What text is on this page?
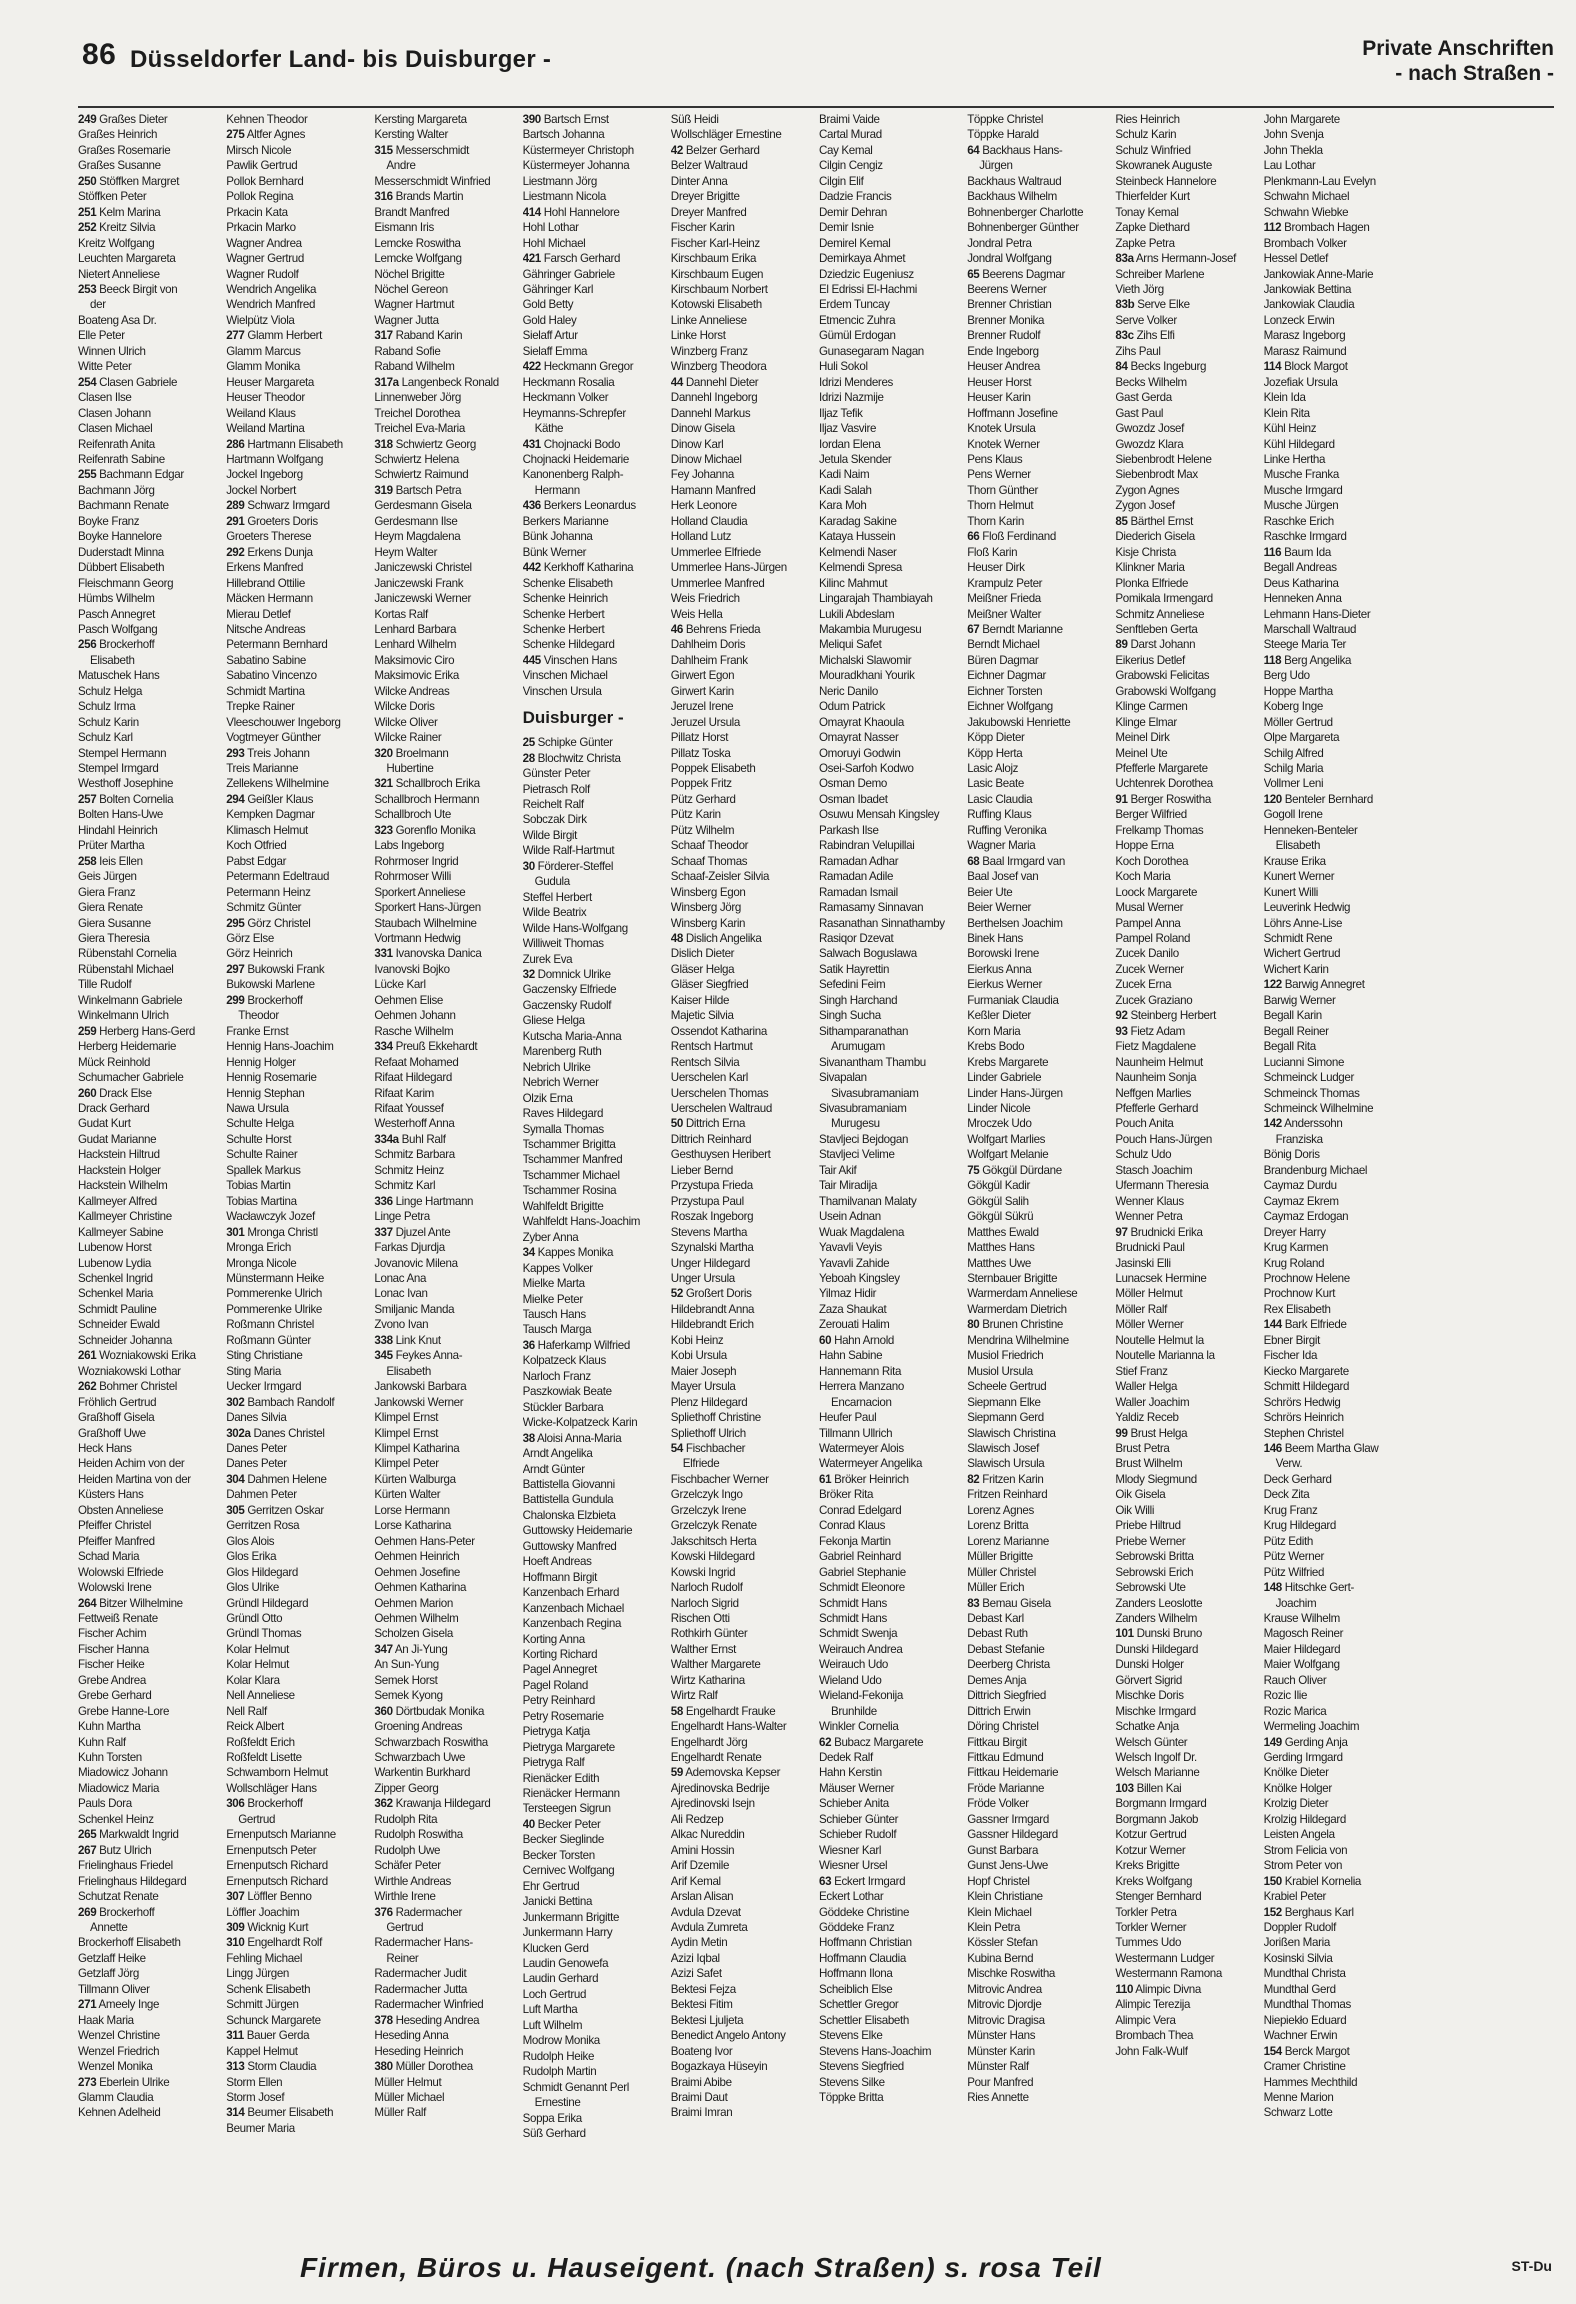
86 Düsseldorfer Land- bis Duisburger -	Private Anschriften
- nach Straßen -
249 Graßes Dieter
Graßes Heinrich
Graßes Rosemarie
Graßes Susanne
250 Stöffken Margret
Stöffken Peter
251 Kelm Marina
252 Kreitz Silvia
Kreitz Wolfgang
Leuchten Margareta
Nietert Anneliese
253 Beeck Birgit von
der
Boateng Asa Dr.
Elle Peter
Winnen Ulrich
Witte Peter
254 Clasen Gabriele
Clasen Ilse
Clasen Johann
Clasen Michael
Reifenrath Anita
Reifenrath Sabine
255 Bachmann Edgar
Bachmann Jörg
Bachmann Renate
Boyke Franz
Boyke Hannelore
Duderstadt Minna
Dübbert Elisabeth
Fleischmann Georg
Hümbs Wilhelm
Pasch Annegret
Pasch Wolfgang
256 Brockerhoff
Elisabeth
Matuschek Hans
Schulz Helga
Schulz Irma
Schulz Karin
Schulz Karl
Stempel Hermann
Stempel Irmgard
Westhoff Josephine
257 Bolten Cornelia
Bolten Hans-Uwe
Hindahl Heinrich
Prüter Martha
258 Ieis Ellen
Geis Jürgen
Giera Franz
Giera Renate
Giera Susanne
Giera Theresia
Rübenstahl Cornelia
Rübenstahl Michael
Tille Rudolf
Winkelmann Gabriele
Winkelmann Ulrich
259 Herberg Hans-Gerd
Herberg Heidemarie
Mück Reinhold
Schumacher Gabriele
260 Drack Else
Drack Gerhard
Gudat Kurt
Gudat Marianne
Hackstein Hiltrud
Hackstein Holger
Hackstein Wilhelm
Kallmeyer Alfred
Kallmeyer Christine
Kallmeyer Sabine
Lubenow Horst
Lubenow Lydia
Schenkel Ingrid
Schenkel Maria
Schmidt Pauline
Schneider Ewald
Schneider Johanna
261 Wozniakowski Erika
Wozniakowski Lothar
262 Bohmer Christel
Fröhlich Gertrud
Graßhoff Gisela
Graßhoff Uwe
Heck Hans
Heiden Achim von der
Heiden Martina von der
Küsters Hans
Obsten Anneliese
Pfeiffer Christel
Pfeiffer Manfred
Schad Maria
Wolowski Elfriede
Wolowski Irene
264 Bitzer Wilhelmine
Fettweiß Renate
Fischer Achim
Fischer Hanna
Fischer Heike
Grebe Andrea
Grebe Gerhard
Grebe Hanne-Lore
Kuhn Martha
Kuhn Ralf
Kuhn Torsten
Miadowicz Johann
Miadowicz Maria
Pauls Dora
Schenkel Heinz
265 Markwaldt Ingrid
267 Butz Ulrich
Frielinghaus Friedel
Frielinghaus Hildegard
Schutzat Renate
269 Brockerhoff
Annette
Brockerhoff Elisabeth
Getzlaff Heike
Getzlaff Jörg
Tillmann Oliver
271 Ameely Inge
Haak Maria
Wenzel Christine
Wenzel Friedrich
Wenzel Monika
273 Eberlein Ulrike
Glamm Claudia
Kehnen Adelheid
Kehnen Theodor
275 Altfer Agnes
Mirsch Nicole
Pawlik Gertrud
Pollok Bernhard
Pollok Regina
Prkacin Kata
Prkacin Marko
Wagner Andrea
Wagner Gertrud
Wagner Rudolf
Wendrich Angelika
Wendrich Manfred
Wielpütz Viola
277 Glamm Herbert
Glamm Marcus
Glamm Monika
Heuser Margareta
Heuser Theodor
Weiland Klaus
Weiland Martina
286 Hartmann Elisabeth
Hartmann Wolfgang
Jockel Ingeborg
Jockel Norbert
289 Schwarz Irmgard
291 Groeters Doris
Groeters Therese
292 Erkens Dunja
Erkens Manfred
Hillebrand Ottilie
Mäcken Hermann
Mierau Detlef
Nitsche Andreas
Petermann Bernhard
Sabatino Sabine
Sabatino Vincenzo
Schmidt Martina
Trepke Rainer
Vleeschouwer Ingeborg
Vogtmeyer Günther
293 Treis Johann
Treis Marianne
Zellekens Wilhelmine
294 Geißler Klaus
Kempken Dagmar
Klimasch Helmut
Koch Otfried
Pabst Edgar
Petermann Edeltraud
Petermann Heinz
Schmitz Günter
295 Görz Christel
Görz Else
Görz Heinrich
297 Bukowski Frank
Bukowski Marlene
299 Brockerhoff
Theodor
Franke Ernst
Hennig Hans-Joachim
Hennig Holger
Hennig Rosemarie
Hennig Stephan
Nawa Ursula
Schulte Helga
Schulte Horst
Schulte Rainer
Spallek Markus
Tobias Martin
Tobias Martina
Wacławczyk Jozef
301 Mronga Christl
Mronga Erich
Mronga Nicole
Münstermann Heike
Pommerenke Ulrich
Pommerenke Ulrike
Roßmann Christel
Roßmann Günter
Sting Christiane
Sting Maria
Uecker Irmgard
302 Bambach Randolf
Danes Silvia
302a Danes Christel
Danes Peter
Danes Peter
304 Dahmen Helene
Dahmen Peter
305 Gerritzen Oskar
Gerritzen Rosa
Glos Alois
Glos Erika
Glos Hildegard
Glos Ulrike
Gründl Hildegard
Gründl Otto
Gründl Thomas
Kolar Helmut
Kolar Helmut
Kolar Klara
Nell Anneliese
Nell Ralf
Reick Albert
Roßfeldt Erich
Roßfeldt Lisette
Schwamborn Helmut
Wollschläger Hans
306 Brockerhoff
Gertrud
Ernenputsch Marianne
Ernenputsch Peter
Ernenputsch Richard
Ernenputsch Richard
307 Löffler Benno
Löffler Joachim
309 Wicknig Kurt
310 Engelhardt Rolf
Fehling Michael
Lingg Jürgen
Schenk Elisabeth
Schmitt Jürgen
Schunck Margarete
311 Bauer Gerda
Kappel Helmut
313 Storm Claudia
Storm Ellen
Storm Josef
314 Beumer Elisabeth
Beumer Maria
Kersting Margareta
Kersting Walter
315 Messerschmidt
Andre
Messerschmidt Winfried
316 Brands Martin
Brandt Manfred
Eismann Iris
Lemcke Roswitha
Lemcke Wolfgang
Nöchel Brigitte
Nöchel Gereon
Wagner Hartmut
Wagner Jutta
317 Raband Karin
Raband Sofie
Raband Wilhelm
317a Langenbeck Ronald
Linnenweber Jörg
Treichel Dorothea
Treichel Eva-Maria
318 Schwiertz Georg
Schwiertz Helena
Schwiertz Raimund
319 Bartsch Petra
Gerdesmann Gisela
Gerdesmann Ilse
Heym Magdalena
Heym Walter
Janiczewski Christel
Janiczewski Frank
Janiczewski Werner
Kortas Ralf
Lenhard Barbara
Lenhard Wilhelm
Maksimovic Ciro
Maksimovic Erika
Wilcke Andreas
Wilcke Doris
Wilcke Oliver
Wilcke Rainer
320 Broelmann
Hubertine
321 Schallbroch Erika
Schallbroch Hermann
Schallbroch Ute
323 Gorenflo Monika
Labs Ingeborg
Rohrmoser Ingrid
Rohrmoser Willi
Sporkert Anneliese
Sporkert Hans-Jürgen
Staubach Wilhelmine
Vortmann Hedwig
331 Ivanovska Danica
Ivanovski Bojko
Lücke Karl
Oehmen Elise
Oehmen Johann
Rasche Wilhelm
334 Preuß Ekkehardt
Refaat Mohamed
Rifaat Hildegard
Rifaat Karim
Rifaat Youssef
Westerhoff Anna
334a Buhl Ralf
Schmitz Barbara
Schmitz Heinz
Schmitz Karl
336 Linge Hartmann
Linge Petra
337 Djuzel Ante
Farkas Djurdja
Jovanovic Milena
Lonac Ana
Lonac Ivan
Smiljanic Manda
Zvono Ivan
338 Link Knut
345 Feykes Anna-
Elisabeth
Jankowski Barbara
Jankowski Werner
Klimpel Ernst
Klimpel Ernst
Klimpel Katharina
Klimpel Peter
Kürten Walburga
Kürten Walter
Lorse Hermann
Lorse Katharina
Oehmen Hans-Peter
Oehmen Heinrich
Oehmen Josefine
Oehmen Katharina
Oehmen Marion
Oehmen Wilhelm
Scholzen Gisela
347 An Ji-Yung
An Sun-Yung
Semek Horst
Semek Kyong
360 Dörtbudak Monika
Groening Andreas
Schwarzbach Roswitha
Schwarzbach Uwe
Warkentin Burkhard
Zipper Georg
362 Krawanja Hildegard
Rudolph Rita
Rudolph Roswitha
Rudolph Uwe
Schäfer Peter
Wirthle Andreas
Wirthle Irene
376 Radermacher
Gertrud
Radermacher Hans-
Reiner
Radermacher Judit
Radermacher Jutta
Radermacher Winfried
378 Heseding Andrea
Heseding Anna
Heseding Heinrich
380 Müller Dorothea
Müller Helmut
Müller Michael
Müller Ralf
390 Bartsch Ernst
Bartsch Johanna
Küstermeyer Christoph
Küstermeyer Johanna
Liestmann Jörg
Liestmann Nicola
414 Hohl Hannelore
Hohl Lothar
Hohl Michael
421 Farsch Gerhard
Gähringer Gabriele
Gähringer Karl
Gold Betty
Gold Haley
Sielaff Artur
Sielaff Emma
422 Heckmann Gregor
Heckmann Rosalia
Heckmann Volker
Heymanns-Schrepfer
Käthe
431 Chojnacki Bodo
Chojnacki Heidemarie
Kanonenberg Ralph-
Hermann
436 Berkers Leonardus
Berkers Marianne
Bünk Johanna
Bünk Werner
442 Kerkhoff Katharina
Schenke Elisabeth
Schenke Heinrich
Schenke Herbert
Schenke Herbert
Schenke Hildegard
445 Vinschen Hans
Vinschen Michael
Vinschen Ursula
Duisburger -
25 Schipke Günter
28 Blochwitz Christa
Günster Peter
Pietrasch Rolf
Reichelt Ralf
Sobczak Dirk
Wilde Birgit
Wilde Ralf-Hartmut
30 Förderer-Steffel
Gudula
Steffel Herbert
Wilde Beatrix
Wilde Hans-Wolfgang
Williweit Thomas
Zurek Eva
32 Domnick Ulrike
Gaczensky Elfriede
Gaczensky Rudolf
Gliese Helga
Kutscha Maria-Anna
Marenberg Ruth
Nebrich Ulrike
Nebrich Werner
Olzik Erna
Raves Hildegard
Symalla Thomas
Tschammer Brigitta
Tschammer Manfred
Tschammer Michael
Tschammer Rosina
Wahlfeldt Brigitte
Wahlfeldt Hans-Joachim
Zyber Anna
34 Kappes Monika
Kappes Volker
Mielke Marta
Mielke Peter
Tausch Hans
Tausch Marga
36 Haferkamp Wilfried
Kolpatzeck Klaus
Narloch Franz
Paszkowiak Beate
Stückler Barbara
Wicke-Kolpatzeck Karin
38 Aloisi Anna-Maria
Arndt Angelika
Arndt Günter
Battistella Giovanni
Battistella Gundula
Chalonska Elzbieta
Guttowsky Heidemarie
Guttowsky Manfred
Hoeft Andreas
Hoffmann Birgit
Kanzenbach Erhard
Kanzenbach Michael
Kanzenbach Regina
Korting Anna
Korting Richard
Pagel Annegret
Pagel Roland
Petry Reinhard
Petry Rosemarie
Pietryga Katja
Pietryga Margarete
Pietryga Ralf
Rienäcker Edith
Rienäcker Hermann
Tersteegen Sigrun
40 Becker Peter
Becker Sieglinde
Becker Torsten
Cernivec Wolfgang
Ehr Gertrud
Janicki Bettina
Junkermann Brigitte
Junkermann Harry
Klucken Gerd
Laudin Genowefa
Laudin Gerhard
Loch Gertrud
Luft Martha
Luft Wilhelm
Modrow Monika
Rudolph Heike
Rudolph Martin
Schmidt Genannt Perl
Ernestine
Soppa Erika
Süß Gerhard
Süß Heidi
Wollschläger Ernestine
42 Belzer Gerhard
Belzer Waltraud
Dinter Anna
Dreyer Brigitte
Dreyer Manfred
Fischer Karin
Fischer Karl-Heinz
Kirschbaum Erika
Kirschbaum Eugen
Kirschbaum Norbert
Kotowski Elisabeth
Linke Anneliese
Linke Horst
Winzberg Franz
Winzberg Theodora
44 Dannehl Dieter
Dannehl Ingeborg
Dannehl Markus
Dinow Gisela
Dinow Karl
Dinow Michael
Fey Johanna
Hamann Manfred
Herk Leonore
Holland Claudia
Holland Lutz
Ummerlee Elfriede
Ummerlee Hans-Jürgen
Ummerlee Manfred
Weis Friedrich
Weis Hella
46 Behrens Frieda
Dahlheim Doris
Dahlheim Frank
Girwert Egon
Girwert Karin
Jeruzel Irene
Jeruzel Ursula
Pillatz Horst
Pillatz Toska
Poppek Elisabeth
Poppek Fritz
Pütz Gerhard
Pütz Karin
Pütz Wilhelm
Schaaf Theodor
Schaaf Thomas
Schaaf-Zeisler Silvia
Winsberg Egon
Winsberg Jörg
Winsberg Karin
48 Dislich Angelika
Dislich Dieter
Gläser Helga
Gläser Siegfried
Kaiser Hilde
Majetic Silvia
Ossendot Katharina
Rentsch Hartmut
Rentsch Silvia
Uerschelen Karl
Uerschelen Thomas
Uerschelen Waltraud
50 Dittrich Erna
Dittrich Reinhard
Gesthuysen Heribert
Lieber Bernd
Przystupa Frieda
Przystupa Paul
Roszak Ingeborg
Stevens Martha
Szynalski Martha
Unger Hildegard
Unger Ursula
52 Großert Doris
Hildebrandt Anna
Hildebrandt Erich
Kobi Heinz
Kobi Ursula
Maier Joseph
Mayer Ursula
Plenz Hildegard
Spliethoff Christine
Spliethoff Ulrich
54 Fischbacher
Elfriede
Fischbacher Werner
Grzelczyk Ingo
Grzelczyk Irene
Grzelczyk Renate
Jakschitsch Herta
Kowski Hildegard
Kowski Ingrid
Narloch Rudolf
Narloch Sigrid
Rischen Otti
Rothkirh Günter
Walther Ernst
Walther Margarete
Wirtz Katharina
Wirtz Ralf
58 Engelhardt Frauke
Engelhardt Hans-Walter
Engelhardt Jörg
Engelhardt Renate
59 Ademovska Kepser
Ajredinovska Bedrije
Ajredinovski Isejn
Ali Redzep
Alkac Nureddin
Amini Hossin
Arif Dzemile
Arif Kemal
Arslan Alisan
Avdula Dzevat
Avdula Zumreta
Aydin Metin
Azizi Iqbal
Azizi Safet
Bektesi Fejza
Bektesi Fitim
Bektesi Ljuljeta
Benedict Angelo Antony
Boateng Ivor
Bogazkaya Hüseyin
Braimi Abibe
Braimi Daut
Braimi Imran
Braimi Vaide
Cartal Murad
Cay Kemal
Cilgin Cengiz
Cilgin Elif
Dadzie Francis
Demir Dehran
Demir Isnie
Demirel Kemal
Demirkaya Ahmet
Dziedzic Eugeniusz
El Edrissi El-Hachmi
Erdem Tuncay
Etmencic Zuhra
Gümül Erdogan
Gunasegaram Nagan
Huli Sokol
Idrizi Menderes
Idrizi Nazmije
Iljaz Tefik
Iljaz Vasvire
Iordan Elena
Jetula Skender
Kadi Naim
Kadi Salah
Kara Moh
Karadag Sakine
Kataya Hussein
Kelmendi Naser
Kelmendi Spresa
Kilinc Mahmut
Lingarajah Thambiayah
Lukili Abdeslam
Makambia Murugesu
Meliqui Safet
Michalski Slawomir
Mouradkhani Yourik
Neric Danilo
Odum Patrick
Omayrat Khaoula
Omayrat Nasser
Omoruyi Godwin
Osei-Sarfoh Kodwo
Osman Demo
Osman Ibadet
Osuwu Mensah Kingsley
Parkash Ilse
Rabindran Velupillai
Ramadan Adhar
Ramadan Adile
Ramadan Ismail
Ramasamy Sinnavan
Rasanathan Sinnathamby
Rasiqor Dzevat
Salwach Boguslawa
Satik Hayrettin
Sefedini Feim
Singh Harchand
Singh Sucha
Sithamparanathan
Arumugam
Sivanantham Thambu
Sivapalan
Sivasubramaniam
Sivasubramaniam
Murugesu
Stavljeci Bejdogan
Stavljeci Velime
Tair Akif
Tair Miradija
Thamilvanan Malaty
Usein Adnan
Wuak Magdalena
Yavavli Veyis
Yavavli Zahide
Yeboah Kingsley
Yilmaz Hidir
Zaza Shaukat
Zerouati Halim
60 Hahn Arnold
Hahn Sabine
Hannemann Rita
Herrera Manzano
Encarnacion
Heufer Paul
Tillmann Ullrich
Watermeyer Alois
Watermeyer Angelika
61 Bröker Heinrich
Bröker Rita
Conrad Edelgard
Conrad Klaus
Fekonja Martin
Gabriel Reinhard
Gabriel Stephanie
Schmidt Eleonore
Schmidt Hans
Schmidt Hans
Schmidt Swenja
Weirauch Andrea
Weirauch Udo
Wieland Udo
Wieland-Fekonija
Brunhilde
Winkler Cornelia
62 Bubacz Margarete
Dedek Ralf
Hahn Kerstin
Mäuser Werner
Schieber Anita
Schieber Günter
Schieber Rudolf
Wiesner Karl
Wiesner Ursel
63 Eckert Irmgard
Eckert Lothar
Göddeke Christine
Göddeke Franz
Hoffmann Christian
Hoffmann Claudia
Hoffmann Ilona
Scheiblich Else
Schettler Gregor
Schettler Elisabeth
Stevens Elke
Stevens Hans-Joachim
Stevens Siegfried
Stevens Silke
Töppke Britta
Töppke Christel
Töppke Harald
64 Backhaus Hans-
Jürgen
Backhaus Waltraud
Backhaus Wilhelm
Bohnenberger Charlotte
Bohnenberger Günther
Jondral Petra
Jondral Wolfgang
65 Beerens Dagmar
Beerens Werner
Brenner Christian
Brenner Monika
Brenner Rudolf
Ende Ingeborg
Heuser Andrea
Heuser Horst
Heuser Karin
Hoffmann Josefine
Knotek Ursula
Knotek Werner
Pens Klaus
Pens Werner
Thorn Günther
Thorn Helmut
Thorn Karin
66 Floß Ferdinand
Floß Karin
Heuser Dirk
Krampulz Peter
Meißner Frieda
Meißner Walter
67 Berndt Marianne
Berndt Michael
Büren Dagmar
Eichner Dagmar
Eichner Torsten
Eichner Wolfgang
Jakubowski Henriette
Köpp Dieter
Köpp Herta
Lasic Alojz
Lasic Beate
Lasic Claudia
Ruffing Klaus
Ruffing Veronika
Wagner Maria
68 Baal Irmgard van
Baal Josef van
Beier Ute
Beier Werner
Berthelsen Joachim
Binek Hans
Borowski Irene
Eierkus Anna
Eierkus Werner
Furmaniak Claudia
Keßler Dieter
Korn Maria
Krebs Bodo
Krebs Margarete
Linder Gabriele
Linder Hans-Jürgen
Linder Nicole
Mroczek Udo
Wolfgart Marlies
Wolfgart Melanie
75 Gökgül Dürdane
Gökgül Kadir
Gökgül Salih
Gökgül Sükrü
Matthes Ewald
Matthes Hans
Matthes Uwe
Sternbauer Brigitte
Warmerdam Anneliese
Warmerdam Dietrich
80 Brunen Christine
Mendrina Wilhelmine
Musiol Friedrich
Musiol Ursula
Scheele Gertrud
Siepmann Elke
Siepmann Gerd
Slawisch Christina
Slawisch Josef
Slawisch Ursula
82 Fritzen Karin
Fritzen Reinhard
Lorenz Agnes
Lorenz Britta
Lorenz Marianne
Müller Brigitte
Müller Christel
Müller Erich
83 Bemau Gisela
Debast Karl
Debast Ruth
Debast Stefanie
Deerberg Christa
Demes Anja
Dittrich Siegfried
Dittrich Erwin
Döring Christel
Fittkau Birgit
Fittkau Edmund
Fittkau Heidemarie
Fröde Marianne
Fröde Volker
Gassner Irmgard
Gassner Hildegard
Gunst Barbara
Gunst Jens-Uwe
Hopf Christel
Klein Christiane
Klein Michael
Klein Petra
Kössler Stefan
Kubina Bernd
Mischke Roswitha
Mitrovic Andrea
Mitrovic Djordje
Mitrovic Dragisa
Münster Hans
Münster Karin
Münster Ralf
Pour Manfred
Ries Annette
Ries Heinrich
Schulz Karin
Schulz Winfried
Skowranek Auguste
Steinbeck Hannelore
Thierfelder Kurt
Tonay Kemal
Zapke Diethard
Zapke Petra
83a Arns Hermann-Josef
Schreiber Marlene
Vieth Jörg
83b Serve Elke
Serve Volker
83c Zihs Elfi
Zihs Paul
84 Becks Ingeburg
Becks Wilhelm
Gast Gerda
Gast Paul
Gwozdz Josef
Gwozdz Klara
Siebenbrodt Helene
Siebenbrodt Max
Zygon Agnes
Zygon Josef
85 Bärthel Ernst
Diederich Gisela
Kisje Christa
Klinkner Maria
Plonka Elfriede
Pomikala Irmengard
Schmitz Anneliese
Senftleben Gerta
89 Darst Johann
Eikerius Detlef
Grabowski Felicitas
Grabowski Wolfgang
Klinge Carmen
Klinge Elmar
Meinel Dirk
Meinel Ute
Pfefferle Margarete
Uchtenrek Dorothea
91 Berger Roswitha
Berger Wilfried
Frelkamp Thomas
Hoppe Erna
Koch Dorothea
Koch Maria
Loock Margarete
Musal Werner
Pampel Anna
Pampel Roland
Zucek Danilo
Zucek Werner
Zucek Erna
Zucek Graziano
92 Steinberg Herbert
93 Fietz Adam
Fietz Magdalene
Naunheim Helmut
Naunheim Sonja
Neffgen Marlies
Pfefferle Gerhard
Pouch Anita
Pouch Hans-Jürgen
Schulz Udo
Stasch Joachim
Ufermann Theresia
Wenner Klaus
Wenner Petra
97 Brudnicki Erika
Brudnicki Paul
Jasinski Elli
Lunacsek Hermine
Möller Helmut
Möller Ralf
Möller Werner
Noutelle Helmut la
Noutelle Marianna la
Stief Franz
Waller Helga
Waller Joachim
Yaldiz Receb
99 Brust Helga
Brust Petra
Brust Wilhelm
Mlody Siegmund
Oik Gisela
Oik Willi
Priebe Hiltrud
Priebe Werner
Sebrowski Britta
Sebrowski Erich
Sebrowski Ute
Zanders Leoslotte
Zanders Wilhelm
101 Dunski Bruno
Dunski Hildegard
Dunski Holger
Görvert Sigrid
Mischke Doris
Mischke Irmgard
Schatke Anja
Welsch Günter
Welsch Ingolf Dr.
Welsch Marianne
103 Billen Kai
Borgmann Irmgard
Borgmann Jakob
Kotzur Gertrud
Kotzur Werner
Kreks Brigitte
Kreks Wolfgang
Stenger Bernhard
Torkler Petra
Torkler Werner
Tummes Udo
Westermann Ludger
Westermann Ramona
110 Alimpic Divna
Alimpic Terezija
Alimpic Vera
Brombach Thea
John Falk-Wulf
John Margarete
John Svenja
John Thekla
Lau Lothar
Plenkmann-Lau Evelyn
Schwahn Michael
Schwahn Wiebke
112 Brombach Hagen
Brombach Volker
Hessel Detlef
Jankowiak Anne-Marie
Jankowiak Bettina
Jankowiak Claudia
Lonzeck Erwin
Marasz Ingeborg
Marasz Raimund
114 Block Margot
Jozefiak Ursula
Klein Ida
Klein Rita
Kühl Heinz
Kühl Hildegard
Linke Hertha
Musche Franka
Musche Irmgard
Musche Jürgen
Raschke Erich
Raschke Irmgard
116 Baum Ida
Begall Andreas
Deus Katharina
Henneken Anna
Lehmann Hans-Dieter
Marschall Waltraud
Steege Maria Ter
118 Berg Angelika
Berg Udo
Hoppe Martha
Koberg Inge
Möller Gertrud
Olpe Margareta
Schilg Alfred
Schilg Maria
Vollmer Leni
120 Benteler Bernhard
Gogoll Irene
Henneken-Benteler
Elisabeth
Krause Erika
Kunert Werner
Kunert Willi
Leuverink Hedwig
Löhrs Anne-Lise
Schmidt Rene
Wichert Gertrud
Wichert Karin
122 Barwig Annegret
Barwig Werner
Begall Karin
Begall Reiner
Begall Rita
Lucianni Simone
Schmeinck Ludger
Schmeinck Thomas
Schmeinck Wilhelmine
142 Anderssohn
Franziska
Bönig Doris
Brandenburg Michael
Caymaz Durdu
Caymaz Ekrem
Caymaz Erdogan
Dreyer Harry
Krug Karmen
Krug Roland
Prochnow Helene
Prochnow Kurt
Rex Elisabeth
144 Bark Elfriede
Ebner Birgit
Fischer Ida
Kiecko Margarete
Schmitt Hildegard
Schrörs Hedwig
Schrörs Heinrich
Stephen Christel
146 Beem Martha Glaw
Verw.
Deck Gerhard
Deck Zita
Krug Franz
Krug Hildegard
Pütz Edith
Pütz Werner
Pütz Wilfried
148 Hitschke Gert-
Joachim
Krause Wilhelm
Magosch Reiner
Maier Hildegard
Maier Wolfgang
Rauch Oliver
Rozic Ilie
Rozic Marica
Wermeling Joachim
149 Gerding Anja
Gerding Irmgard
Knölke Dieter
Knölke Holger
Krolzig Dieter
Krolzig Hildegard
Leisten Angela
Strom Felicia von
Strom Peter von
150 Krabiel Kornelia
Krabiel Peter
152 Berghaus Karl
Doppler Rudolf
Jorißen Maria
Kosinski Silvia
Mundthal Christa
Mundthal Gerd
Mundthal Thomas
Niepiekło Eduard
Wachner Erwin
154 Berck Margot
Cramer Christine
Hammes Mechthild
Menne Marion
Schwarz Lotte
Firmen, Büros u. Hauseigent. (nach Straßen) s. rosa Teil	ST-Du
